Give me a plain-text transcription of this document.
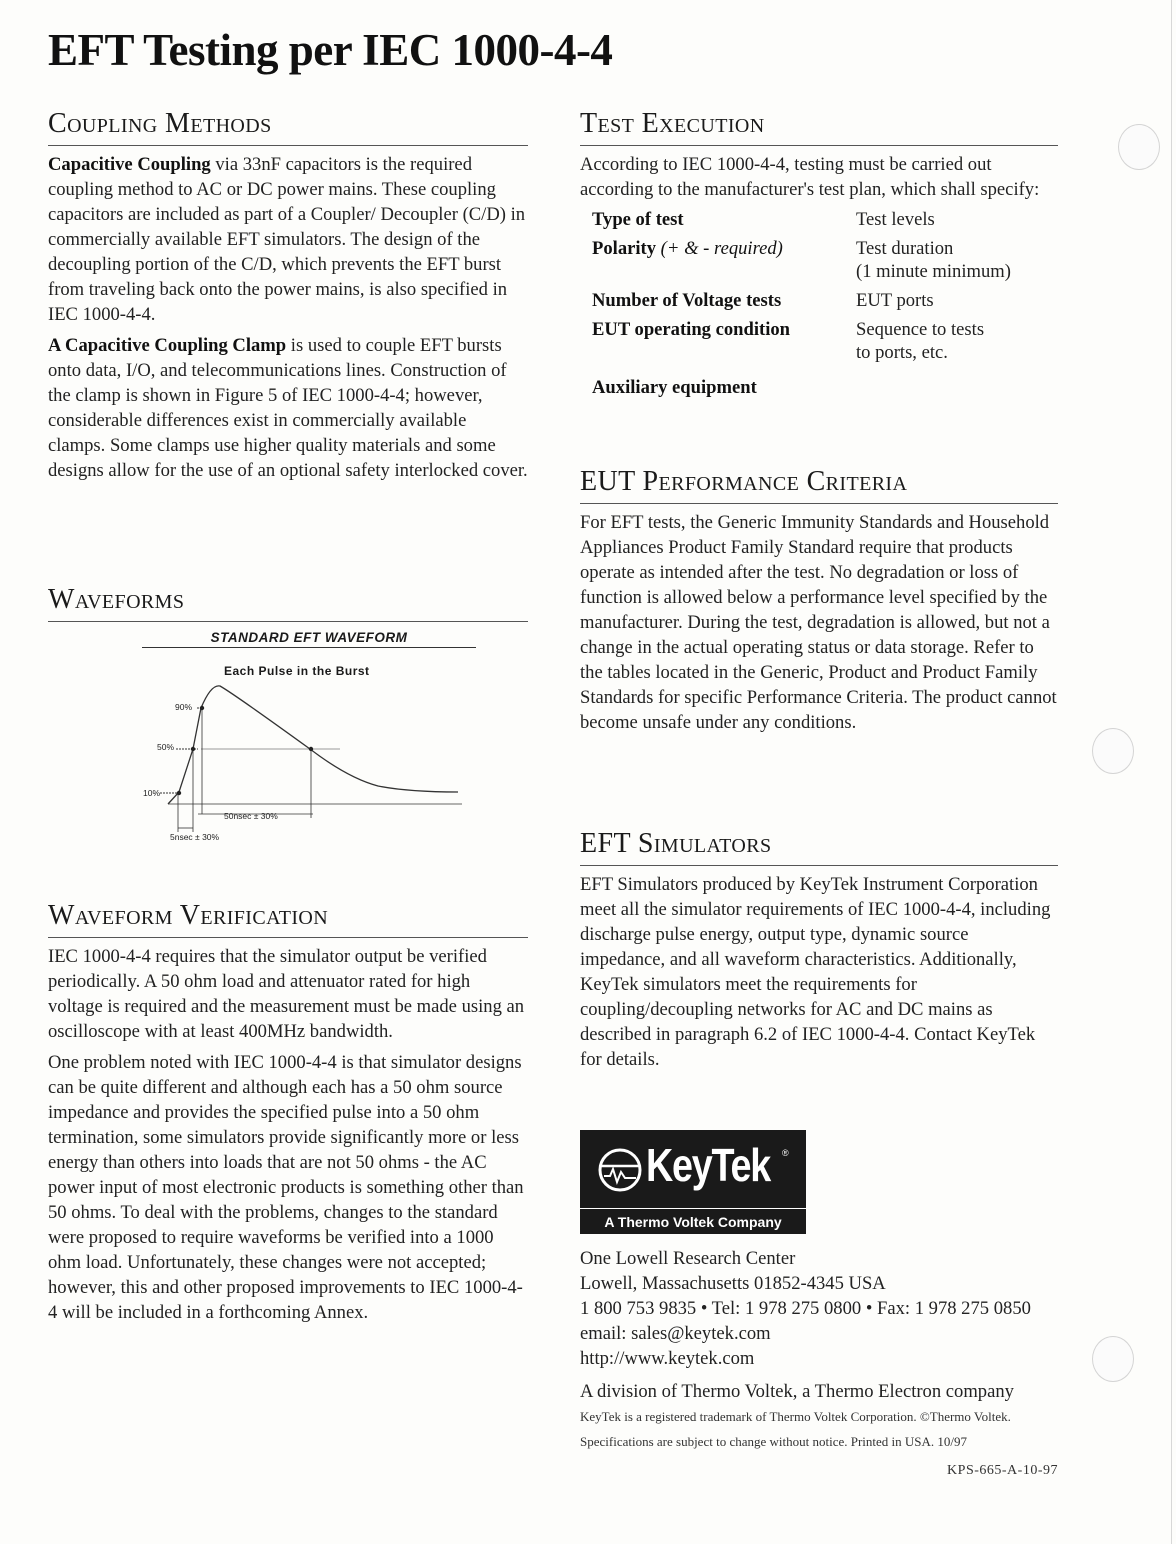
EFT Testing per IEC 1000-4-4
Coupling Methods

Capacitive Coupling via 33nF capacitors is the required coupling method to AC or DC power mains. These coupling capacitors are included as part of a Coupler/ Decoupler (C/D) in commercially available EFT simulators. The design of the decoupling portion of the C/D, which prevents the EFT burst from traveling back onto the power mains, is also specified in IEC 1000-4-4.

A Capacitive Coupling Clamp is used to couple EFT bursts onto data, I/O, and telecommunications lines. Construction of the clamp is shown in Figure 5 of IEC 1000-4-4; however, considerable differences exist in commercially available clamps. Some clamps use higher quality materials and some designs allow for the use of an optional safety interlocked cover.

Waveforms
STANDARD EFT WAVEFORM
Each Pulse in the Burst
90%
50%
10%
50nsec ± 30%
5nsec ± 30%
Waveform Verification

IEC 1000-4-4 requires that the simulator output be verified periodically. A 50 ohm load and attenuator rated for high voltage is required and the measurement must be made using an oscilloscope with at least 400MHz bandwidth.

One problem noted with IEC 1000-4-4 is that simulator designs can be quite different and although each has a 50 ohm source impedance and provides the specified pulse into a 50 ohm termination, some simulators provide significantly more or less energy than others into loads that are not 50 ohms - the AC power input of most electronic products is something other than 50 ohms. To deal with the problems, changes to the standard were proposed to require waveforms be verified into a 1000 ohm load. Unfortunately, these changes were not accepted; however, this and other proposed improvements to IEC 1000-4-4 will be included in a forthcoming Annex.

Test Execution

According to IEC 1000-4-4, testing must be carried out according to the manufacturer's test plan, which shall specify:

Type of test	Test levels
Polarity (+ & - required)	Test duration
(1 minute minimum)
Number of Voltage tests	EUT ports
EUT operating condition	Sequence to tests
to ports, etc.
Auxiliary equipment	
EUT Performance Criteria

For EFT tests, the Generic Immunity Standards and Household Appliances Product Family Standard require that products operate as intended after the test. No degradation or loss of function is allowed below a performance level specified by the manufacturer. During the test, degradation is allowed, but not a change in the actual operating status or data storage. Refer to the tables located in the Generic, Product and Product Family Standards for specific Performance Criteria. The product cannot become unsafe under any conditions.

EFT Simulators

EFT Simulators produced by KeyTek Instrument Corporation meet all the simulator requirements of IEC 1000-4-4, including discharge pulse energy, output type, dynamic source impedance, and all waveform characteristics. Additionally, KeyTek simulators meet the requirements for coupling/decoupling networks for AC and DC mains as described in paragraph 6.2 of IEC 1000-4-4. Contact KeyTek for details.

KeyTek ®
A Thermo Voltek Company

One Lowell Research Center

Lowell, Massachusetts 01852-4345 USA

1 800 753 9835 • Tel: 1 978 275 0800 • Fax: 1 978 275 0850

email: sales@keytek.com

http://www.keytek.com

A division of Thermo Voltek, a Thermo Electron company

KeyTek is a registered trademark of Thermo Voltek Corporation. ©Thermo Voltek. Specifications are subject to change without notice. Printed in USA. 10/97

KPS-665-A-10-97
